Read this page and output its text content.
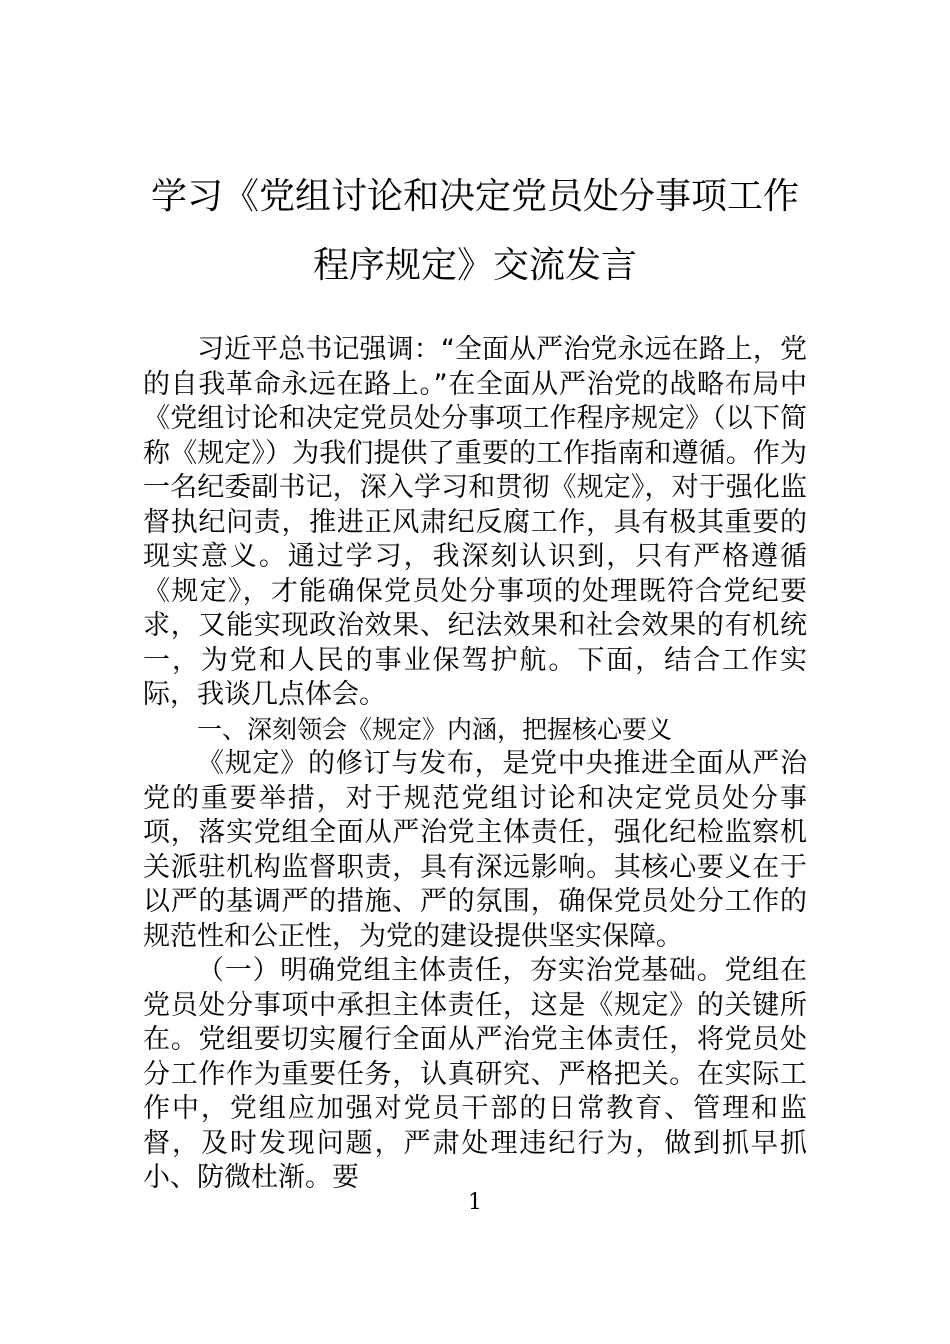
学习《党组讨论和决定党员处分事项工作
程序规定》交流发言

习近平总书记强调：“全面从严治党永远在路上，党的自我革命永远在路上。”在全面从严治党的战略布局中《党组讨论和决定党员处分事项工作程序规定》（以下简称《规定》）为我们提供了重要的工作指南和遵循。作为一名纪委副书记，深入学习和贯彻《规定》，对于强化监督执纪问责，推进正风肃纪反腐工作，具有极其重要的现实意义。通过学习，我深刻认识到，只有严格遵循《规定》，才能确保党员处分事项的处理既符合党纪要求，又能实现政治效果、纪法效果和社会效果的有机统一，为党和人民的事业保驾护航。下面，结合工作实际，我谈几点体会。

一、深刻领会《规定》内涵，把握核心要义

《规定》的修订与发布，是党中央推进全面从严治党的重要举措，对于规范党组讨论和决定党员处分事项，落实党组全面从严治党主体责任，强化纪检监察机关派驻机构监督职责，具有深远影响。其核心要义在于以严的基调严的措施、严的氛围，确保党员处分工作的规范性和公正性，为党的建设提供坚实保障。

（一）明确党组主体责任，夯实治党基础。党组在党员处分事项中承担主体责任，这是《规定》的关键所在。党组要切实履行全面从严治党主体责任，将党员处分工作作为重要任务，认真研究、严格把关。在实际工作中，党组应加强对党员干部的日常教育、管理和监督，及时发现问题，严肃处理违纪行为，做到抓早抓小、防微杜渐。要

1
